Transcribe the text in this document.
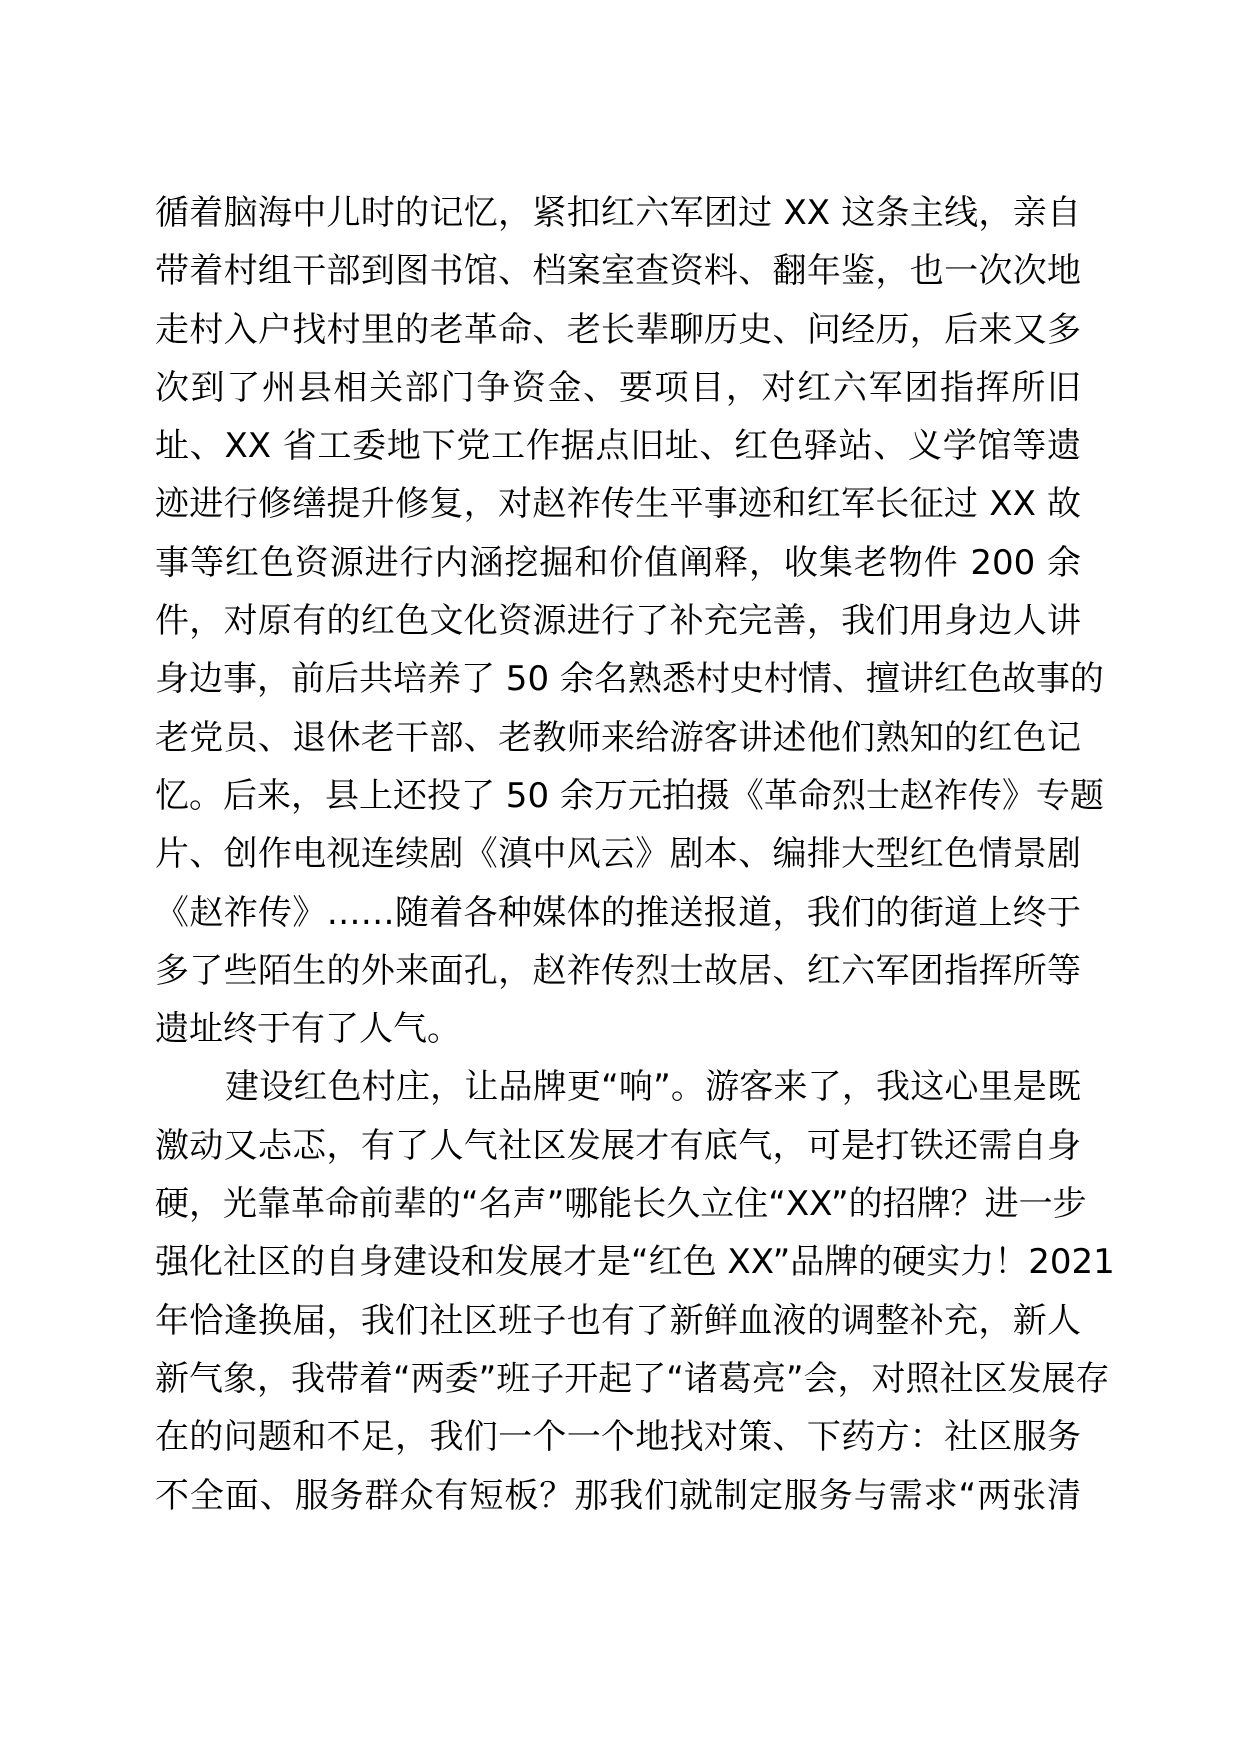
循着脑海中儿时的记忆，紧扣红六军团过 XX 这条主线，亲自
带着村组干部到图书馆、档案室查资料、翻年鉴，也一次次地
走村入户找村里的老革命、老长辈聊历史、问经历，后来又多
次到了州县相关部门争资金、要项目，对红六军团指挥所旧
址、XX 省工委地下党工作据点旧址、红色驿站、义学馆等遗
迹进行修缮提升修复，对赵祚传生平事迹和红军长征过 XX 故
事等红色资源进行内涵挖掘和价值阐释，收集老物件 200 余
件，对原有的红色文化资源进行了补充完善，我们用身边人讲
身边事，前后共培养了 50 余名熟悉村史村情、擅讲红色故事的
老党员、退休老干部、老教师来给游客讲述他们熟知的红色记
忆。后来，县上还投了 50 余万元拍摄《革命烈士赵祚传》专题
片、创作电视连续剧《滇中风云》剧本、编排大型红色情景剧
《赵祚传》……随着各种媒体的推送报道，我们的街道上终于
多了些陌生的外来面孔，赵祚传烈士故居、红六军团指挥所等
遗址终于有了人气。
建设红色村庄，让品牌更“响”。游客来了，我这心里是既
激动又忐忑，有了人气社区发展才有底气，可是打铁还需自身
硬，光靠革命前辈的“名声”哪能长久立住“XX”的招牌？进一步
强化社区的自身建设和发展才是“红色 XX”品牌的硬实力！2021
年恰逢换届，我们社区班子也有了新鲜血液的调整补充，新人
新气象，我带着“两委”班子开起了“诸葛亮”会，对照社区发展存
在的问题和不足，我们一个一个地找对策、下药方：社区服务
不全面、服务群众有短板？那我们就制定服务与需求“两张清
